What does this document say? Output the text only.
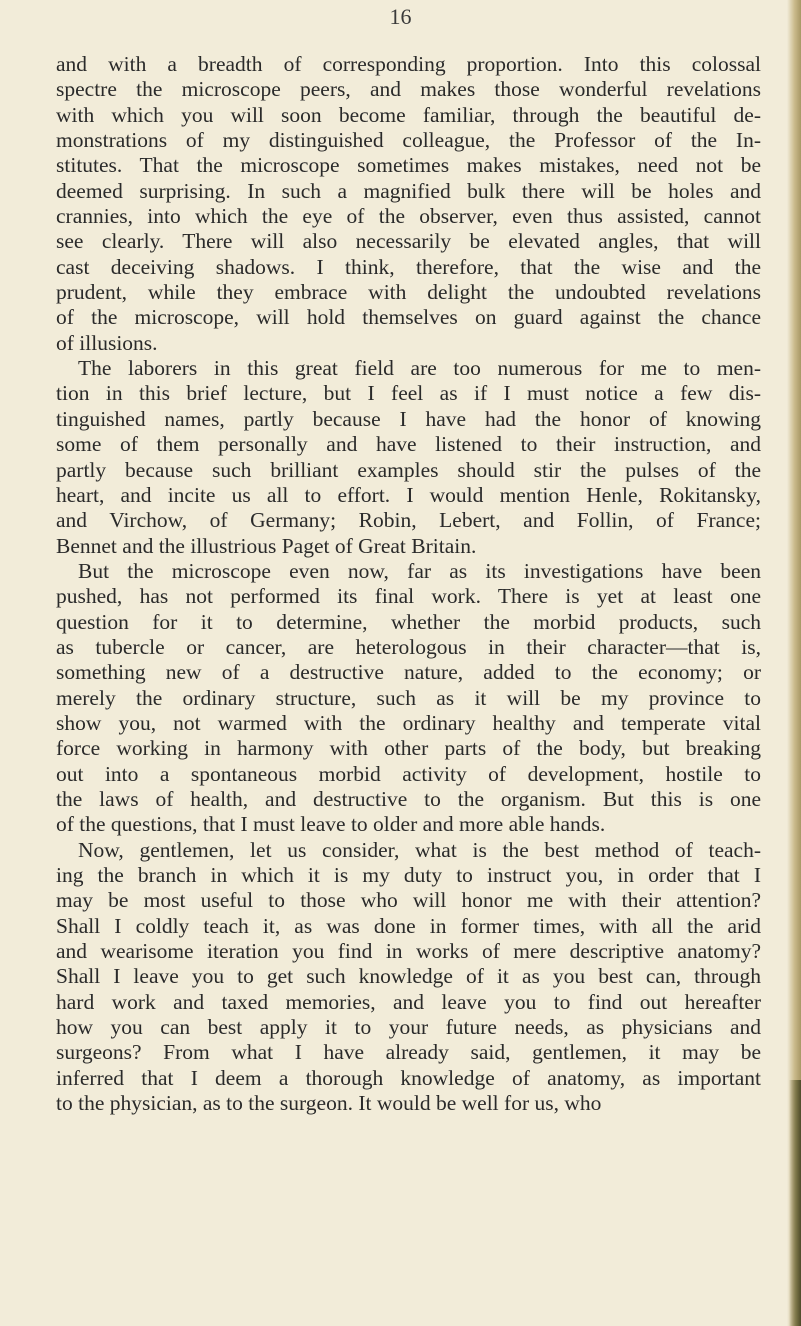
16

and with a breadth of corresponding proportion. Into this colossal
spectre the microscope peers, and makes those wonderful revelations
with which you will soon become familiar, through the beautiful de-
monstrations of my distinguished colleague, the Professor of the In-
stitutes. That the microscope sometimes makes mistakes, need not be
deemed surprising. In such a magnified bulk there will be holes and
crannies, into which the eye of the observer, even thus assisted, cannot
see clearly. There will also necessarily be elevated angles, that will
cast deceiving shadows. I think, therefore, that the wise and the
prudent, while they embrace with delight the undoubted revelations
of the microscope, will hold themselves on guard against the chance
of illusions.

The laborers in this great field are too numerous for me to men-
tion in this brief lecture, but I feel as if I must notice a few dis-
tinguished names, partly because I have had the honor of knowing
some of them personally and have listened to their instruction, and
partly because such brilliant examples should stir the pulses of the
heart, and incite us all to effort. I would mention Henle, Rokitansky,
and Virchow, of Germany; Robin, Lebert, and Follin, of France;
Bennet and the illustrious Paget of Great Britain.

But the microscope even now, far as its investigations have been
pushed, has not performed its final work. There is yet at least one
question for it to determine, whether the morbid products, such
as tubercle or cancer, are heterologous in their character—that is,
something new of a destructive nature, added to the economy; or
merely the ordinary structure, such as it will be my province to
show you, not warmed with the ordinary healthy and temperate vital
force working in harmony with other parts of the body, but breaking
out into a spontaneous morbid activity of development, hostile to
the laws of health, and destructive to the organism. But this is one
of the questions, that I must leave to older and more able hands.

Now, gentlemen, let us consider, what is the best method of teach-
ing the branch in which it is my duty to instruct you, in order that I
may be most useful to those who will honor me with their attention?
Shall I coldly teach it, as was done in former times, with all the arid
and wearisome iteration you find in works of mere descriptive anatomy?
Shall I leave you to get such knowledge of it as you best can, through
hard work and taxed memories, and leave you to find out hereafter
how you can best apply it to your future needs, as physicians and
surgeons? From what I have already said, gentlemen, it may be
inferred that I deem a thorough knowledge of anatomy, as important
to the physician, as to the surgeon. It would be well for us, who
